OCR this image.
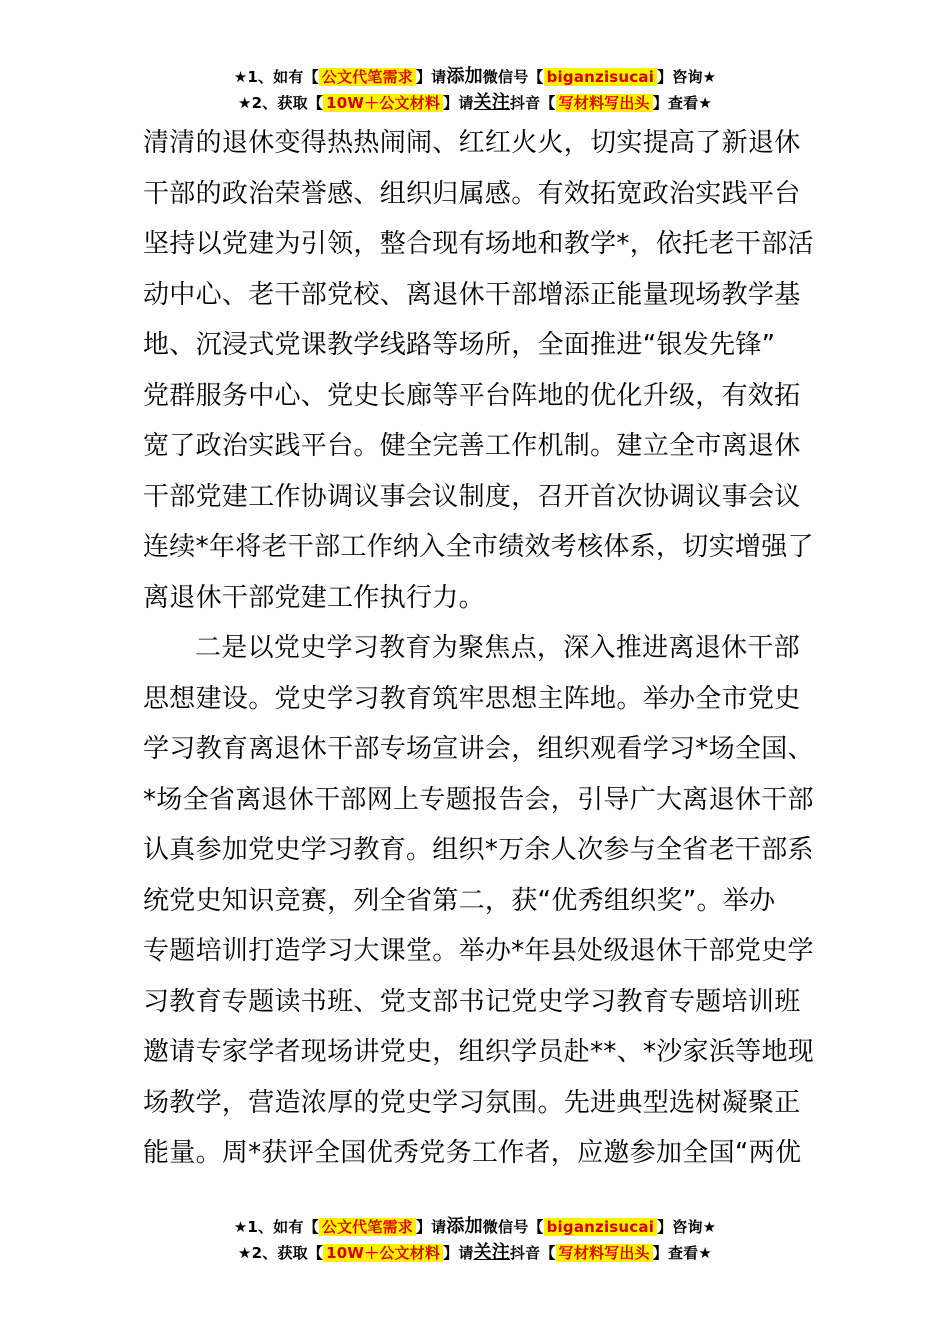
★1、如有【 公文代笔需求 】请添加微信号【 biganzisucai 】咨询★
★2、获取【 10W＋公文材料 】请关注抖音【 写材料写出头 】查看★
清清的退休变得热热闹闹、红红火火，切实提高了新退休
干部的政治荣誉感、组织归属感。有效拓宽政治实践平台
坚持以党建为引领，整合现有场地和教学*，依托老干部活
动中心、老干部党校、离退休干部增添正能量现场教学基
地、沉浸式党课教学线路等场所，全面推进“银发先锋”
党群服务中心、党史长廊等平台阵地的优化升级，有效拓
宽了政治实践平台。健全完善工作机制。建立全市离退休
干部党建工作协调议事会议制度，召开首次协调议事会议
连续*年将老干部工作纳入全市绩效考核体系，切实增强了
离退休干部党建工作执行力。
二是以党史学习教育为聚焦点，深入推进离退休干部
思想建设。党史学习教育筑牢思想主阵地。举办全市党史
学习教育离退休干部专场宣讲会，组织观看学习*场全国、
*场全省离退休干部网上专题报告会，引导广大离退休干部
认真参加党史学习教育。组织*万余人次参与全省老干部系
统党史知识竞赛，列全省第二，获“优秀组织奖”。举办
专题培训打造学习大课堂。举办*年县处级退休干部党史学
习教育专题读书班、党支部书记党史学习教育专题培训班
邀请专家学者现场讲党史，组织学员赴**、*沙家浜等地现
场教学，营造浓厚的党史学习氛围。先进典型选树凝聚正
能量。周*获评全国优秀党务工作者，应邀参加全国“两优
★1、如有【 公文代笔需求 】请添加微信号【 biganzisucai 】咨询★
★2、获取【 10W＋公文材料 】请关注抖音【 写材料写出头 】查看★
